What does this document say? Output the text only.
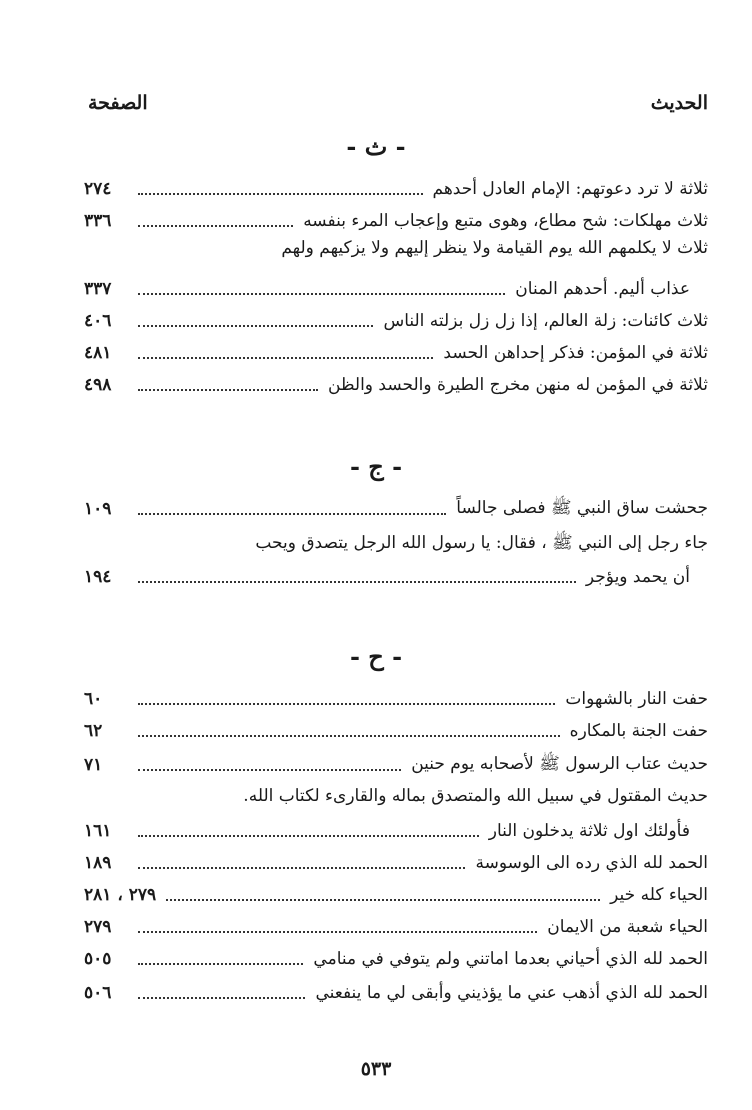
الحديث
الصفحة
- ث -
ثلاثة لا ترد دعوتهم: الإمام العادل أحدهم
٢٧٤
ثلاث مهلكات: شح مطاع، وهوى متبع وإعجاب المرء بنفسه
٣٣٦
ثلاث لا يكلمهم الله يوم القيامة ولا ينظر إليهم ولا يزكيهم ولهم
عذاب أليم. أحدهم المنان
٣٣٧
ثلاث كائنات: زلة العالم، إذا زل زل بزلته الناس
٤٠٦
ثلاثة في المؤمن: فذكر إحداهن الحسد
٤٨١
ثلاثة في المؤمن له منهن مخرج الطيرة والحسد والظن
٤٩٨
- ج -
جحشت ساق النبي ﷺ فصلى جالساً
١٠٩
جاء رجل إلى النبي ﷺ ، فقال: يا رسول الله الرجل يتصدق ويحب
أن يحمد ويؤجر
١٩٤
- ح -
حفت النار بالشهوات
٦٠
حفت الجنة بالمكاره
٦٢
حديث عتاب الرسول ﷺ لأصحابه يوم حنين
٧١
حديث المقتول في سبيل الله والمتصدق بماله والقارىء لكتاب الله.
فأولئك اول ثلاثة يدخلون النار
١٦١
الحمد لله الذي رده الى الوسوسة
١٨٩
الحياء كله خير
٢٧٩ ، ٢٨١
الحياء شعبة من الايمان
٢٧٩
الحمد لله الذي أحياني بعدما اماتني ولم يتوفي في منامي
٥٠٥
الحمد لله الذي أذهب عني ما يؤذيني وأبقى لي ما ينفعني
٥٠٦
٥٣٣
